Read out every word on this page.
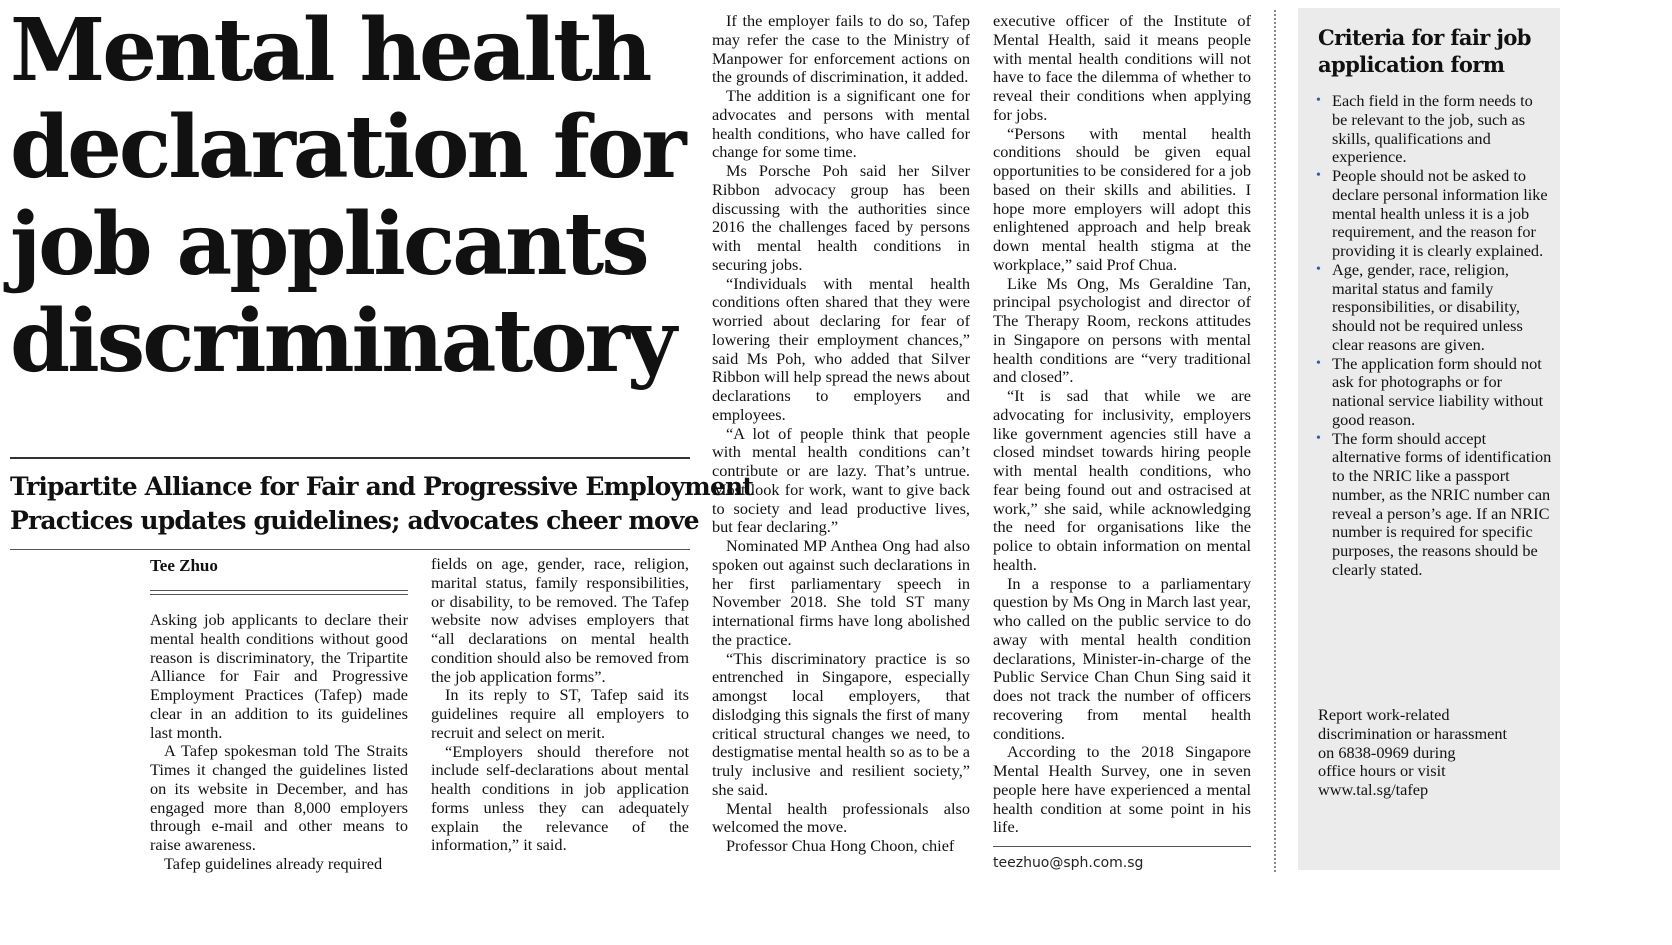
Mental health
declaration for
job applicants
discriminatory
Tripartite Alliance for Fair and Progressive Employment
Practices updates guidelines; advocates cheer move
Tee Zhuo

Asking job applicants to declare their mental health conditions without good reason is discriminatory, the Tripartite Alliance for Fair and Progressive Employment Practices (Tafep) made clear in an addition to its guidelines last month.

A Tafep spokesman told The Straits Times it changed the guidelines listed on its website in December, and has engaged more than 8,000 employers through e-mail and other means to raise awareness.

Tafep guidelines already required

fields on age, gender, race, religion, marital status, family responsibilities, or disability, to be removed. The Tafep website now advises employers that “all declarations on mental health condition should also be removed from the job application forms”.

In its reply to ST, Tafep said its guidelines require all employers to recruit and select on merit.

“Employers should therefore not include self-declarations about mental health conditions in job application forms unless they can adequately explain the relevance of the information,” it said.

If the employer fails to do so, Tafep may refer the case to the Ministry of Manpower for enforcement actions on the grounds of discrimination, it added.

The addition is a significant one for advocates and persons with mental health conditions, who have called for change for some time.

Ms Porsche Poh said her Silver Ribbon advocacy group has been discussing with the authorities since 2016 the challenges faced by persons with mental health conditions in securing jobs.

“Individuals with mental health conditions often shared that they were worried about declaring for fear of lowering their employment chances,” said Ms Poh, who added that Silver Ribbon will help spread the news about declarations to employers and employees.

“A lot of people think that people with mental health conditions can’t contribute or are lazy. That’s untrue. Most look for work, want to give back to society and lead productive lives, but fear declaring.”

Nominated MP Anthea Ong had also spoken out against such declarations in her first parliamentary speech in November 2018. She told ST many international firms have long abolished the practice.

“This discriminatory practice is so entrenched in Singapore, especially amongst local employers, that dislodging this signals the first of many critical structural changes we need, to destigmatise mental health so as to be a truly inclusive and resilient society,” she said.

Mental health professionals also welcomed the move.

Professor Chua Hong Choon, chief

executive officer of the Institute of Mental Health, said it means people with mental health conditions will not have to face the dilemma of whether to reveal their conditions when applying for jobs.

“Persons with mental health conditions should be given equal opportunities to be considered for a job based on their skills and abilities. I hope more employers will adopt this enlightened approach and help break down mental health stigma at the workplace,” said Prof Chua.

Like Ms Ong, Ms Geraldine Tan, principal psychologist and director of The Therapy Room, reckons attitudes in Singapore on persons with mental health conditions are “very traditional and closed”.

“It is sad that while we are advocating for inclusivity, employers like government agencies still have a closed mindset towards hiring people with mental health conditions, who fear being found out and ostracised at work,” she said, while acknowledging the need for organisations like the police to obtain information on mental health.

In a response to a parliamentary question by Ms Ong in March last year, who called on the public service to do away with mental health condition declarations, Minister-in-charge of the Public Service Chan Chun Sing said it does not track the number of officers recovering from mental health conditions.

According to the 2018 Singapore Mental Health Survey, one in seven people here have experienced a mental health condition at some point in his life.

teezhuo@sph.com.sg
Criteria for fair job application form
• Each field in the form needs to be relevant to the job, such as skills, qualifications and experience.
• People should not be asked to declare personal information like mental health unless it is a job requirement, and the reason for providing it is clearly explained.
• Age, gender, race, religion, marital status and family responsibilities, or disability, should not be required unless clear reasons are given.
• The application form should not ask for photographs or for national service liability without good reason.
• The form should accept alternative forms of identification to the NRIC like a passport number, as the NRIC number can reveal a person’s age. If an NRIC number is required for specific purposes, the reasons should be clearly stated.
Report work-related
discrimination or harassment
on 6838-0969 during
office hours or visit
www.tal.sg/tafep
